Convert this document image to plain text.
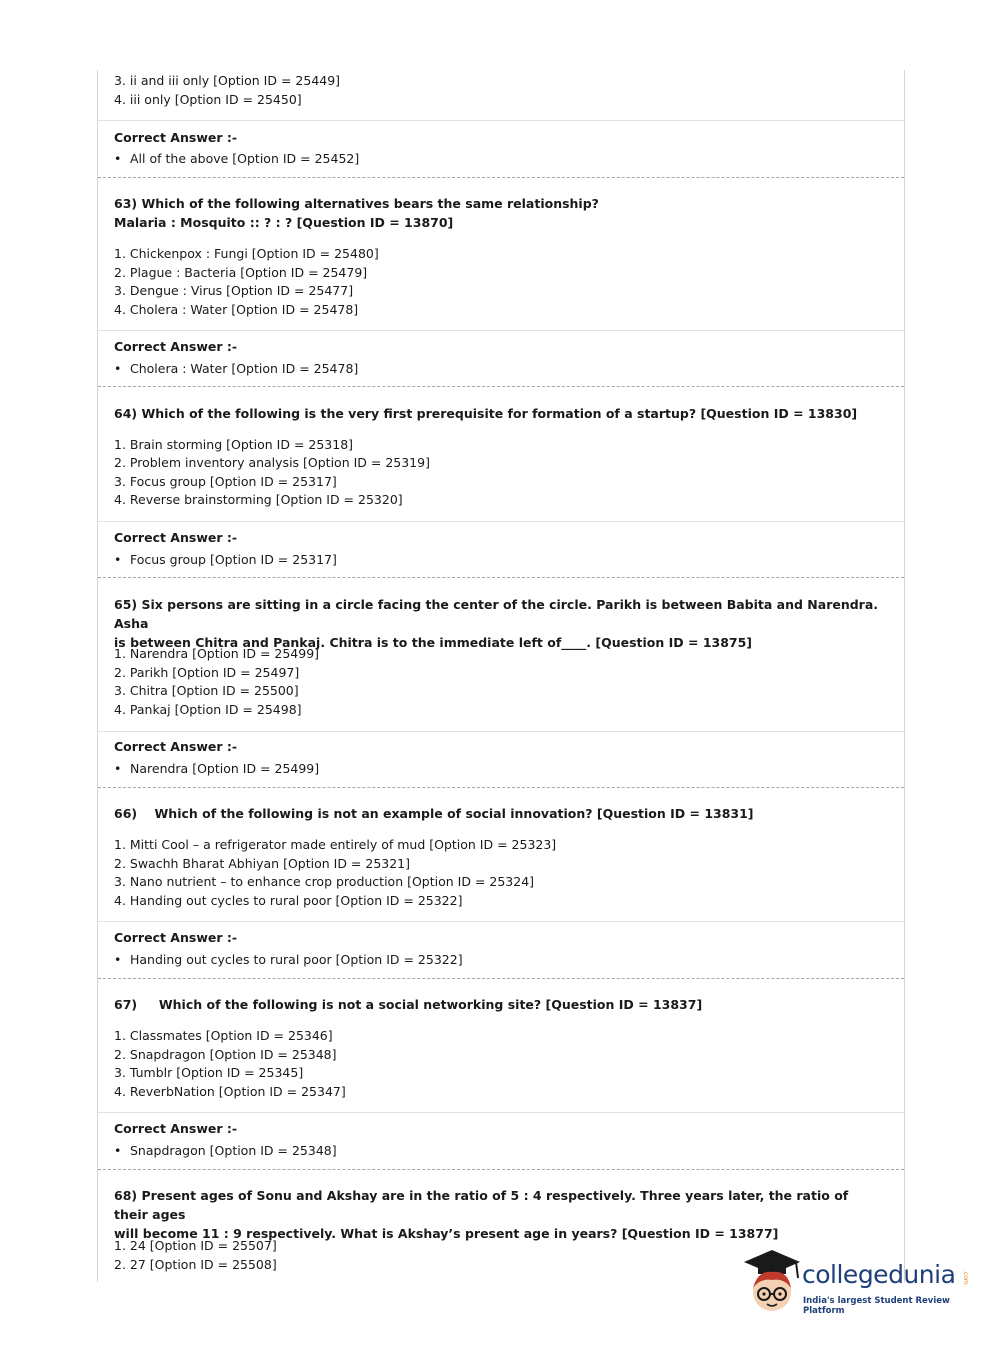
3. ii and iii only [Option ID = 25449]
4. iii only [Option ID = 25450]
Correct Answer :-
• All of the above [Option ID = 25452]
63) Which of the following alternatives bears the same relationship?
Malaria : Mosquito :: ? : ? [Question ID = 13870]
1. Chickenpox : Fungi [Option ID = 25480]
2. Plague : Bacteria [Option ID = 25479]
3. Dengue : Virus [Option ID = 25477]
4. Cholera : Water [Option ID = 25478]
Correct Answer :-
• Cholera : Water [Option ID = 25478]
64) Which of the following is the very first prerequisite for formation of a startup? [Question ID = 13830]
1. Brain storming [Option ID = 25318]
2. Problem inventory analysis [Option ID = 25319]
3. Focus group [Option ID = 25317]
4. Reverse brainstorming [Option ID = 25320]
Correct Answer :-
• Focus group [Option ID = 25317]
65) Six persons are sitting in a circle facing the center of the circle. Parikh is between Babita and Narendra. Asha
is between Chitra and Pankaj. Chitra is to the immediate left of____. [Question ID = 13875]
1. Narendra [Option ID = 25499]
2. Parikh [Option ID = 25497]
3. Chitra [Option ID = 25500]
4. Pankaj [Option ID = 25498]
Correct Answer :-
• Narendra [Option ID = 25499]
66)    Which of the following is not an example of social innovation? [Question ID = 13831]
1. Mitti Cool – a refrigerator made entirely of mud [Option ID = 25323]
2. Swachh Bharat Abhiyan [Option ID = 25321]
3. Nano nutrient – to enhance crop production [Option ID = 25324]
4. Handing out cycles to rural poor [Option ID = 25322]
Correct Answer :-
• Handing out cycles to rural poor [Option ID = 25322]
67)     Which of the following is not a social networking site? [Question ID = 13837]
1. Classmates [Option ID = 25346]
2. Snapdragon [Option ID = 25348]
3. Tumblr [Option ID = 25345]
4. ReverbNation [Option ID = 25347]
Correct Answer :-
• Snapdragon [Option ID = 25348]
68) Present ages of Sonu and Akshay are in the ratio of 5 : 4 respectively. Three years later, the ratio of their ages
will become 11 : 9 respectively. What is Akshay’s present age in years? [Question ID = 13877]
1. 24 [Option ID = 25507]
2. 27 [Option ID = 25508]	collegedunia .com
India's largest Student Review Platform
